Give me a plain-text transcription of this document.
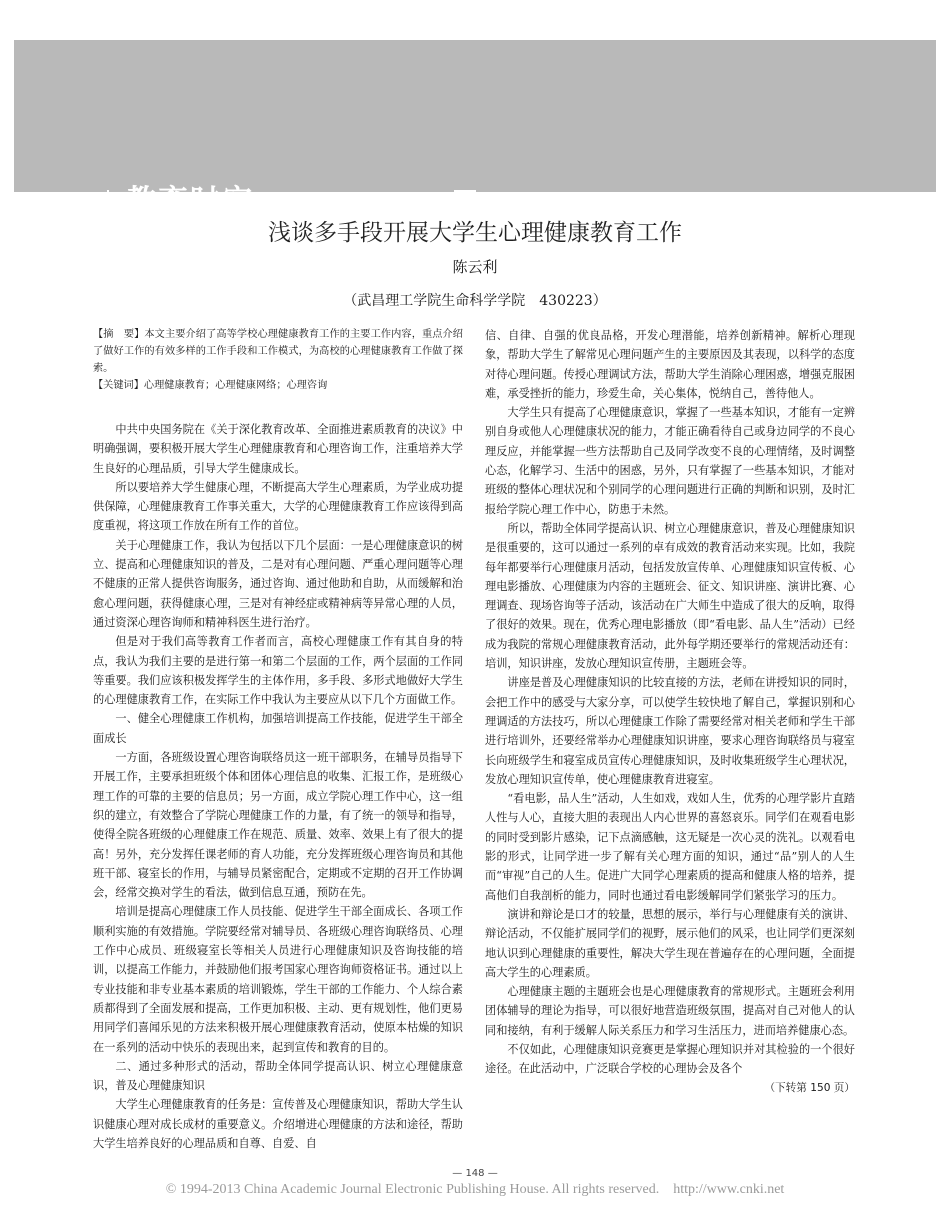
教育时空 Education space
浅谈多手段开展大学生心理健康教育工作
陈云利
（武昌理工学院生命科学学院　430223）

【摘　要】本文主要介绍了高等学校心理健康教育工作的主要工作内容，重点介绍了做好工作的有效多样的工作手段和工作模式，为高校的心理健康教育工作做了探索。

【关键词】心理健康教育；心理健康网络；心理咨询

中共中央国务院在《关于深化教育改革、全面推进素质教育的决议》中明确强调，要积极开展大学生心理健康教育和心理咨询工作，注重培养大学生良好的心理品质，引导大学生健康成长。

所以要培养大学生健康心理，不断提高大学生心理素质，为学业成功提供保障，心理健康教育工作事关重大，大学的心理健康教育工作应该得到高度重视，将这项工作放在所有工作的首位。

关于心理健康工作，我认为包括以下几个层面：一是心理健康意识的树立、提高和心理健康知识的普及，二是对有心理问题、严重心理问题等心理不健康的正常人提供咨询服务，通过咨询、通过他助和自助，从而缓解和治愈心理问题，获得健康心理，三是对有神经症或精神病等异常心理的人员，通过资深心理咨询师和精神科医生进行治疗。

但是对于我们高等教育工作者而言，高校心理健康工作有其自身的特点，我认为我们主要的是进行第一和第二个层面的工作，两个层面的工作同等重要。我们应该积极发挥学生的主体作用，多手段、多形式地做好大学生的心理健康教育工作，在实际工作中我认为主要应从以下几个方面做工作。

一、健全心理健康工作机构，加强培训提高工作技能，促进学生干部全面成长

一方面，各班级设置心理咨询联络员这一班干部职务，在辅导员指导下开展工作，主要承担班级个体和团体心理信息的收集、汇报工作，是班级心理工作的可靠的主要的信息员；另一方面，成立学院心理工作中心，这一组织的建立，有效整合了学院心理健康工作的力量，有了统一的领导和指导，使得全院各班级的心理健康工作在规范、质量、效率、效果上有了很大的提高！另外，充分发挥任课老师的育人功能，充分发挥班级心理咨询员和其他班干部、寝室长的作用，与辅导员紧密配合，定期或不定期的召开工作协调会，经常交换对学生的看法，做到信息互通，预防在先。

培训是提高心理健康工作人员技能、促进学生干部全面成长、各项工作顺利实施的有效措施。学院要经常对辅导员、各班级心理咨询联络员、心理工作中心成员、班级寝室长等相关人员进行心理健康知识及咨询技能的培训，以提高工作能力，并鼓励他们报考国家心理咨询师资格证书。通过以上专业技能和非专业基本素质的培训锻炼，学生干部的工作能力、个人综合素质都得到了全面发展和提高，工作更加积极、主动、更有规划性，他们更易用同学们喜闻乐见的方法来积极开展心理健康教育活动，使原本枯燥的知识在一系列的活动中快乐的表现出来，起到宣传和教育的目的。

二、通过多种形式的活动，帮助全体同学提高认识、树立心理健康意识，普及心理健康知识

大学生心理健康教育的任务是：宣传普及心理健康知识，帮助大学生认识健康心理对成长成材的重要意义。介绍增进心理健康的方法和途径，帮助大学生培养良好的心理品质和自尊、自爱、自

信、自律、自强的优良品格，开发心理潜能，培养创新精神。解析心理现象，帮助大学生了解常见心理问题产生的主要原因及其表现，以科学的态度对待心理问题。传授心理调试方法，帮助大学生消除心理困惑，增强克服困难，承受挫折的能力，珍爱生命，关心集体，悦纳自己，善待他人。

大学生只有提高了心理健康意识，掌握了一些基本知识，才能有一定辨别自身或他人心理健康状况的能力，才能正确看待自己或身边同学的不良心理反应，并能掌握一些方法帮助自己及同学改变不良的心理情绪，及时调整心态，化解学习、生活中的困惑，另外，只有掌握了一些基本知识，才能对班级的整体心理状况和个别同学的心理问题进行正确的判断和识别，及时汇报给学院心理工作中心，防患于未然。

所以，帮助全体同学提高认识、树立心理健康意识，普及心理健康知识是很重要的，这可以通过一系列的卓有成效的教育活动来实现。比如，我院每年都要举行心理健康月活动，包括发放宣传单、心理健康知识宣传板、心理电影播放、心理健康为内容的主题班会、征文、知识讲座、演讲比赛、心理调查、现场咨询等子活动，该活动在广大师生中造成了很大的反响，取得了很好的效果。现在，优秀心理电影播放（即“看电影、品人生”活动）已经成为我院的常规心理健康教育活动，此外每学期还要举行的常规活动还有：培训，知识讲座，发放心理知识宣传册，主题班会等。

讲座是普及心理健康知识的比较直接的方法，老师在讲授知识的同时，会把工作中的感受与大家分享，可以使学生较快地了解自己，掌握识别和心理调适的方法技巧，所以心理健康工作除了需要经常对相关老师和学生干部进行培训外，还要经常举办心理健康知识讲座，要求心理咨询联络员与寝室长向班级学生和寝室成员宣传心理健康知识，及时收集班级学生心理状况，发放心理知识宣传单，使心理健康教育进寝室。

“看电影，品人生”活动，人生如戏，戏如人生，优秀的心理学影片直踏人性与人心，直接大胆的表现出人内心世界的喜怒哀乐。同学们在观看电影的同时受到影片感染，记下点滴感触，这无疑是一次心灵的洗礼。以观看电影的形式，让同学进一步了解有关心理方面的知识，通过“品”别人的人生而“审视”自己的人生。促进广大同学心理素质的提高和健康人格的培养，提高他们自我剖析的能力，同时也通过看电影缓解同学们紧张学习的压力。

演讲和辩论是口才的较量，思想的展示，举行与心理健康有关的演讲、辩论活动，不仅能扩展同学们的视野，展示他们的风采，也让同学们更深刻地认识到心理健康的重要性，解决大学生现在普遍存在的心理问题，全面提高大学生的心理素质。

心理健康主题的主题班会也是心理健康教育的常规形式。主题班会利用团体辅导的理论为指导，可以很好地营造班级氛围，提高对自己对他人的认同和接纳，有利于缓解人际关系压力和学习生活压力，进而培养健康心态。

不仅如此，心理健康知识竞赛更是掌握心理知识并对其检验的一个很好途径。在此活动中，广泛联合学校的心理协会及各个

（下转第 150 页）

— 148 —
© 1994-2013 China Academic Journal Electronic Publishing House. All rights reserved.　http://www.cnki.net
